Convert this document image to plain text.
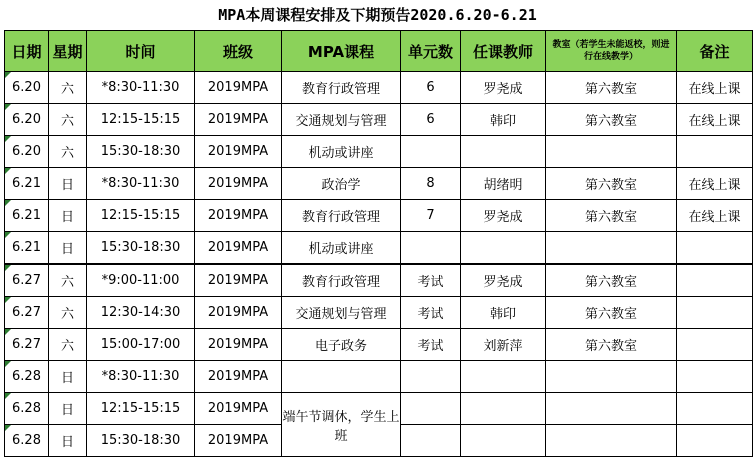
MPA本周课程安排及下期预告2020.6.20-6.21
日期	星期	时间	班级	MPA课程	单元数	任课教师	教室（若学生未能返校，则进行在线教学）	备注
6.20	六	*8:30-11:30	2019MPA	教育行政管理	6	罗尧成	第六教室	在线上课
6.20	六	12:15-15:15	2019MPA	交通规划与管理	6	韩印	第六教室	在线上课
6.20	六	15:30-18:30	2019MPA	机动或讲座				
6.21	日	*8:30-11:30	2019MPA	政治学	8	胡绪明	第六教室	在线上课
6.21	日	12:15-15:15	2019MPA	教育行政管理	7	罗尧成	第六教室	在线上课
6.21	日	15:30-18:30	2019MPA	机动或讲座				
6.27	六	*9:00-11:00	2019MPA	教育行政管理	考试	罗尧成	第六教室	
6.27	六	12:30-14:30	2019MPA	交通规划与管理	考试	韩印	第六教室	
6.27	六	15:00-17:00	2019MPA	电子政务	考试	刘新萍	第六教室	
6.28	日	*8:30-11:30	2019MPA					
6.28	日	12:15-15:15	2019MPA	端午节调休，学生上班				
6.28	日	15:30-18:30	2019MPA					
